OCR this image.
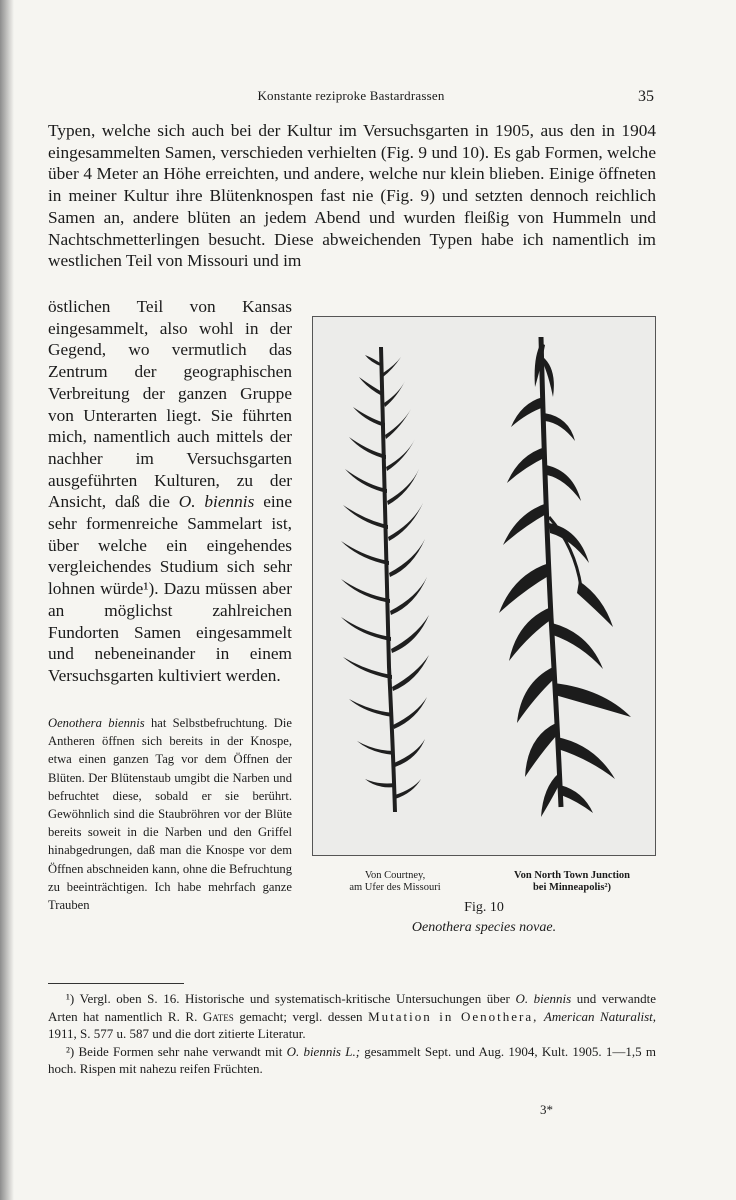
Konstante reziproke Bastardrassen	35

Typen, welche sich auch bei der Kultur im Versuchsgarten in 1905, aus den in 1904 eingesammelten Samen, verschieden verhielten (Fig. 9 und 10). Es gab Formen, welche über 4 Meter an Höhe erreichten, und andere, welche nur klein blieben. Einige öffneten in meiner Kultur ihre Blütenknospen fast nie (Fig. 9) und setzten dennoch reichlich Samen an, andere blüten an jedem Abend und wurden fleißig von Hummeln und Nachtschmetterlingen besucht. Diese abweichenden Typen habe ich namentlich im westlichen Teil von Missouri und im

östlichen Teil von Kansas eingesammelt, also wohl in der Gegend, wo vermutlich das Zentrum der geographischen Verbreitung der ganzen Gruppe von Unterarten liegt. Sie führten mich, namentlich auch mittels der nachher im Versuchsgarten ausgeführten Kulturen, zu der Ansicht, daß die O. biennis eine sehr formenreiche Sammelart ist, über welche ein eingehendes vergleichendes Studium sich sehr lohnen würde¹). Dazu müssen aber an möglichst zahlreichen Fundorten Samen eingesammelt und nebeneinander in einem Versuchsgarten kultiviert werden.

Oenothera biennis hat Selbstbefruchtung. Die Antheren öffnen sich bereits in der Knospe, etwa einen ganzen Tag vor dem Öffnen der Blüten. Der Blütenstaub umgibt die Narben und befruchtet diese, sobald er sie berührt. Gewöhnlich sind die Staubröhren vor der Blüte bereits soweit in die Narben und den Griffel hinabgedrungen, daß man die Knospe vor dem Öffnen abschneiden kann, ohne die Befruchtung zu beeinträchtigen. Ich habe mehrfach ganze Trauben

Von Courtney,
am Ufer des Missouri
Von North Town Junction
bei Minneapolis²)
Fig. 10
Oenothera species novae.

¹) Vergl. oben S. 16. Historische und systematisch-kritische Untersuchungen über O. biennis und verwandte Arten hat namentlich R. R. Gates gemacht; vergl. dessen Mutation in Oenothera, American Naturalist, 1911, S. 577 u. 587 und die dort zitierte Literatur.

²) Beide Formen sehr nahe verwandt mit O. biennis L.; gesammelt Sept. und Aug. 1904, Kult. 1905. 1—1,5 m hoch. Rispen mit nahezu reifen Früchten.

3*
